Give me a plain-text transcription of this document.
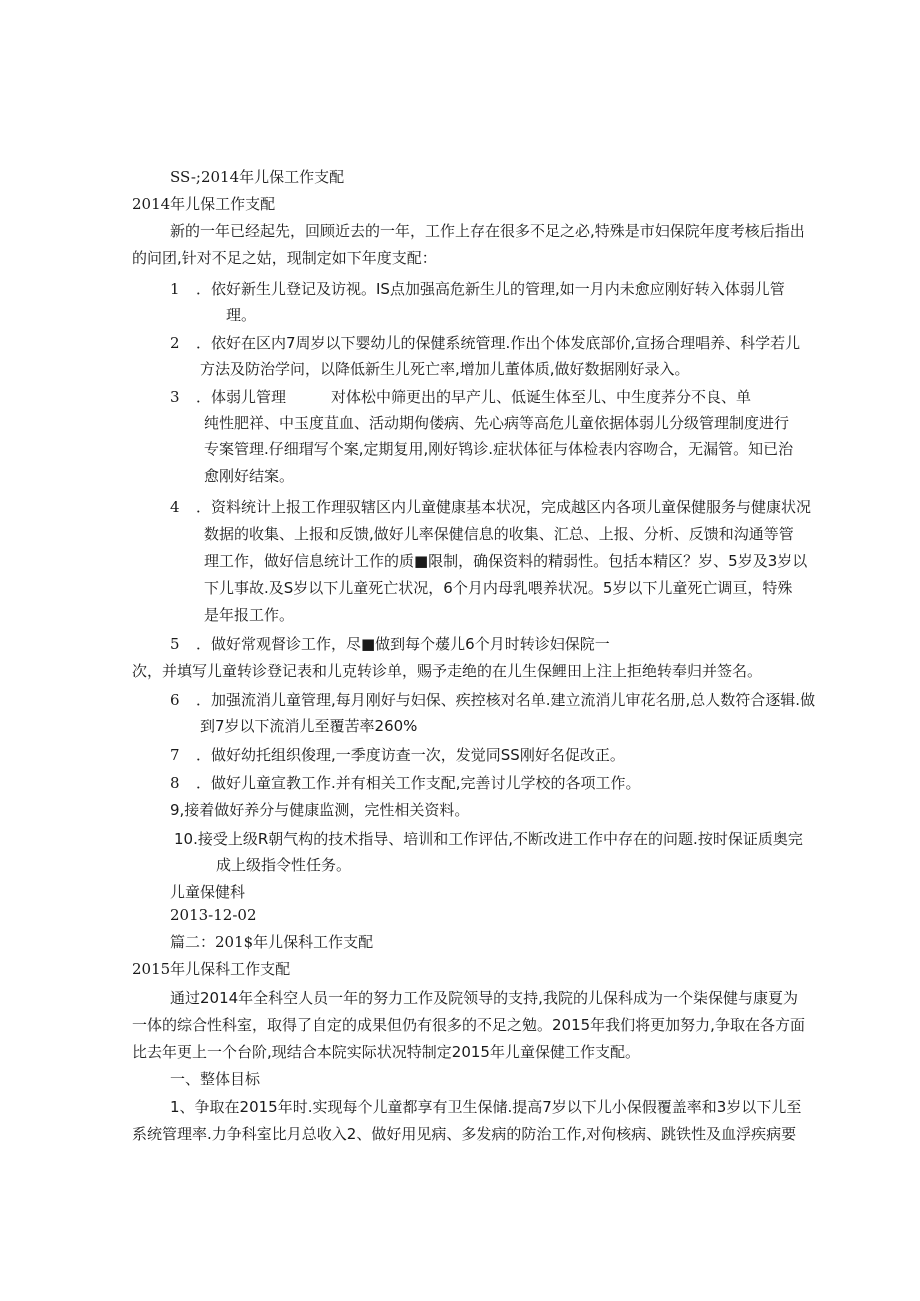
SS-;2014年儿保工作支配
2014年儿保工作支配
新的一年已经起先，回顾近去的一年，工作上存在很多不足之必,特殊是市妇保院年度考核后指出
的问团,针对不足之姑，现制定如下年度支配：
1 ．依好新生儿登记及访视。IS点加强高危新生儿的管理,如一月内未愈应刚好转入体弱儿管
理。
2 ．依好在区内7周岁以下婴幼儿的保健系统管理.作出个体发底部价,宣扬合理唱养、科学若儿
方法及防治学问，以降低新生儿死亡率,增加儿董体质,做好数据刚好录入。
3 ．体弱儿管理　　　对体松中筛更出的早产儿、低诞生体至儿、中生度荞分不良、单
纯性肥祥、中玉度苴血、活动期佝偻病、先心病等高危儿童依据体弱儿分级管理制度进行
专案管理.仔细瑁写个案,定期复用,刚好鸨诊.症状体征与体检表内容吻合，无漏管。知已治
愈刚好结案。
4 ．资料统计上报工作理驭辖区内儿童健康基本状况，完成越区内各项儿童保健服务与健康状况
数据的收集、上报和反馈,做好儿率保健信息的收集、汇总、上报、分析、反馈和沟通等管
理工作，做好信息统计工作的质■限制，确保资料的精弱性。包括本精区？岁、5岁及3岁以
下儿事故.及S岁以下儿童死亡状况，6个月内母乳喂养状况。5岁以下儿童死亡调亘，特殊
是年报工作。
5 ．做好常观督诊工作，尽■做到每个蕿儿6个月时转诊妇保院一
次，并填写儿童转诊登记表和儿克转诊单，赐予走绝的在儿生保鲤田上注上拒绝转奉归并签名。
6 ．加强流消儿童管理,每月刚好与妇保、疾控核对名单.建立流消儿审花名册,总人数符合逐辑.做
到7岁以下流消儿至覆苦率260%
7 ．做好幼托组织俊理,一季度访查一次，发觉同SS刚好名促改正。
8 ．做好儿童宣教工作.并有相关工作支配,完善讨儿学校的各项工作。
9,接着做好养分与健康监测，完性相关资料。
10.接受上级R朝气构的技术指导、培训和工作评估,不断改进工作中存在的问题.按时保证质奥完
成上级指令性任务。
儿童保健科
2013-12-02
篇二：201$年儿保科工作支配
2015年儿保科工作支配
通过2014年全科空人员一年的努力工作及院领导的支持,我院的儿保科成为一个柒保健与康夏为
一体的综合性科室，取得了自定的成果但仍有很多的不足之勉。2015年我们将更加努力,争取在各方面
比去年更上一个台阶,现结合本院实际状况特制定2015年儿童保健工作支配。
一、整体目标
1、争取在2015年时.实现每个儿童都享有卫生保储.提高7岁以下儿小保假覆盖率和3岁以下儿至
系统管理率.力争科室比月总收入2、做好用见病、多发病的防治工作,对佝核病、跳铁性及血浮疾病要
